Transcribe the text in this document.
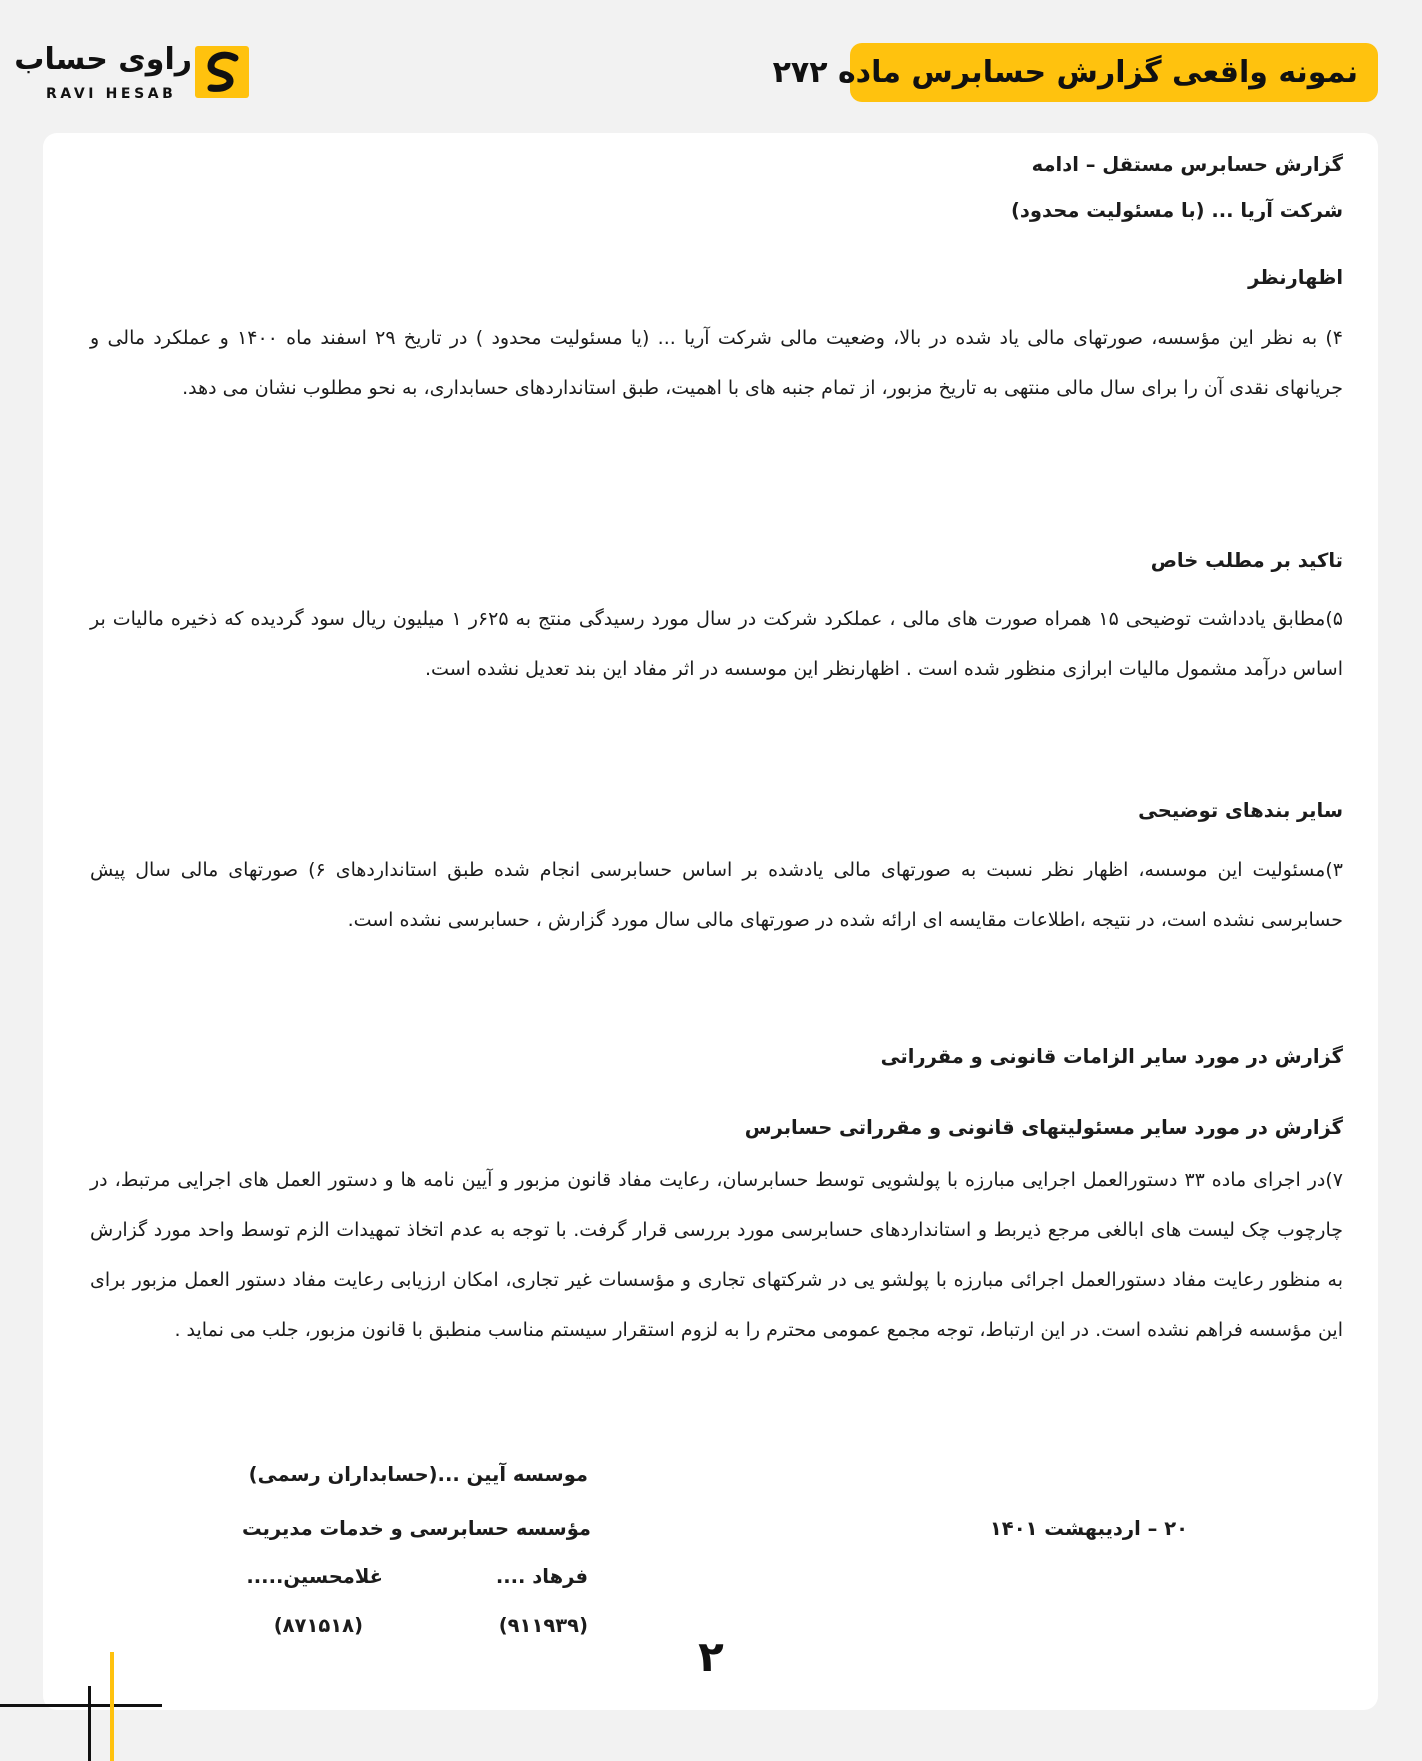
نمونه واقعی گزارش حسابرس ماده ۲۷۲
راوی حساب
RAVI HESAB
گزارش حسابرس مستقل – ادامه
شرکت آریا ... (با مسئولیت محدود)
اظهارنظر
۴) به نظر این مؤسسه، صورتهای مالی یاد شده در بالا، وضعیت مالی شرکت آریا ... (یا مسئولیت محدود ) در تاریخ ۲۹ اسفند ماه ۱۴۰۰ و عملکرد مالی و جریانهای نقدی آن را برای سال مالی منتهی به تاریخ مزبور، از تمام جنبه های با اهمیت، طبق استانداردهای حسابداری، به نحو مطلوب نشان می دهد.
تاکید بر مطلب خاص
۵)مطابق یادداشت توضیحی ۱۵ همراه صورت های مالی ، عملکرد شرکت در سال مورد رسیدگی منتج به ۶۲۵ر ۱ میلیون ریال سود گردیده که ذخیره مالیات بر اساس درآمد مشمول مالیات ابرازی منظور شده است . اظهارنظر این موسسه در اثر مفاد این بند تعدیل نشده است.
سایر بندهای توضیحی
۳)مسئولیت این موسسه، اظهار نظر نسبت به صورتهای مالی یادشده بر اساس حسابرسی انجام شده طبق استانداردهای ۶) صورتهای مالی سال پیش حسابرسی نشده است، در نتیجه ،اطلاعات مقایسه ای ارائه شده در صورتهای مالی سال مورد گزارش ، حسابرسی نشده است.
گزارش در مورد سایر الزامات قانونی و مقرراتی
گزارش در مورد سایر مسئولیتهای قانونی و مقرراتی حسابرس
۷)در اجرای ماده ۳۳ دستورالعمل اجرایی مبارزه با پولشویی توسط حسابرسان، رعایت مفاد قانون مزبور و آیین نامه ها و دستور العمل های اجرایی مرتبط، در چارچوب چک لیست های ابالغی مرجع ذیربط و استانداردهای حسابرسی مورد بررسی قرار گرفت. با توجه به عدم اتخاذ تمهیدات الزم توسط واحد مورد گزارش به منظور رعایت مفاد دستورالعمل اجرائی مبارزه با پولشو یی در شرکتهای تجاری و مؤسسات غیر تجاری، امکان ارزیابی رعایت مفاد دستور العمل مزبور برای این مؤسسه فراهم نشده است. در این ارتباط، توجه مجمع عمومی محترم را به لزوم استقرار سیستم مناسب منطبق با قانون مزبور، جلب می نماید .
موسسه آیین ...(حسابداران رسمی)
مؤسسه حسابرسی و خدمات مدیریت
فرهاد ....
غلامحسین.....
(۹۱۱۹۳۹)
(۸۷۱۵۱۸)
۲۰ – اردیبهشت ۱۴۰۱
۲
